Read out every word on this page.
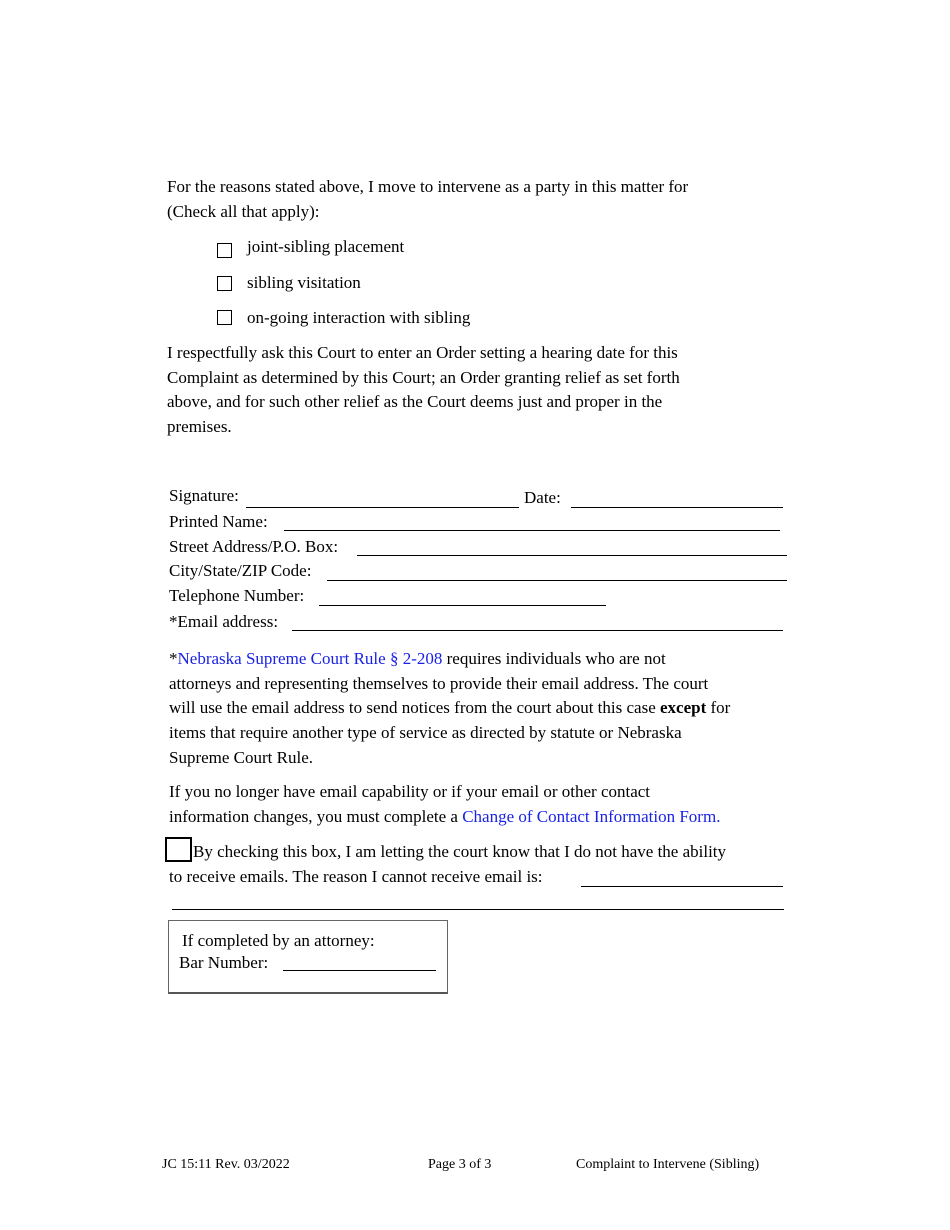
For the reasons stated above, I move to intervene as a party in this matter for
(Check all that apply):
joint-sibling placement
sibling visitation
on-going interaction with sibling
I respectfully ask this Court to enter an Order setting a hearing date for this
Complaint as determined by this Court; an Order granting relief as set forth
above, and for such other relief as the Court deems just and proper in the
premises.
Signature:	Date:
Printed Name:
Street Address/P.O. Box:
City/State/ZIP Code:
Telephone Number:
*Email address:
*Nebraska Supreme Court Rule § 2-208 requires individuals who are not
attorneys and representing themselves to provide their email address. The court
will use the email address to send notices from the court about this case except for
items that require another type of service as directed by statute or Nebraska
Supreme Court Rule.
If you no longer have email capability or if your email or other contact
information changes, you must complete a Change of Contact Information Form.
By checking this box, I am letting the court know that I do not have the ability
to receive emails. The reason I cannot receive email is:
If completed by an attorney:
Bar Number:
JC 15:11 Rev. 03/2022	Page 3 of 3	Complaint to Intervene (Sibling)
